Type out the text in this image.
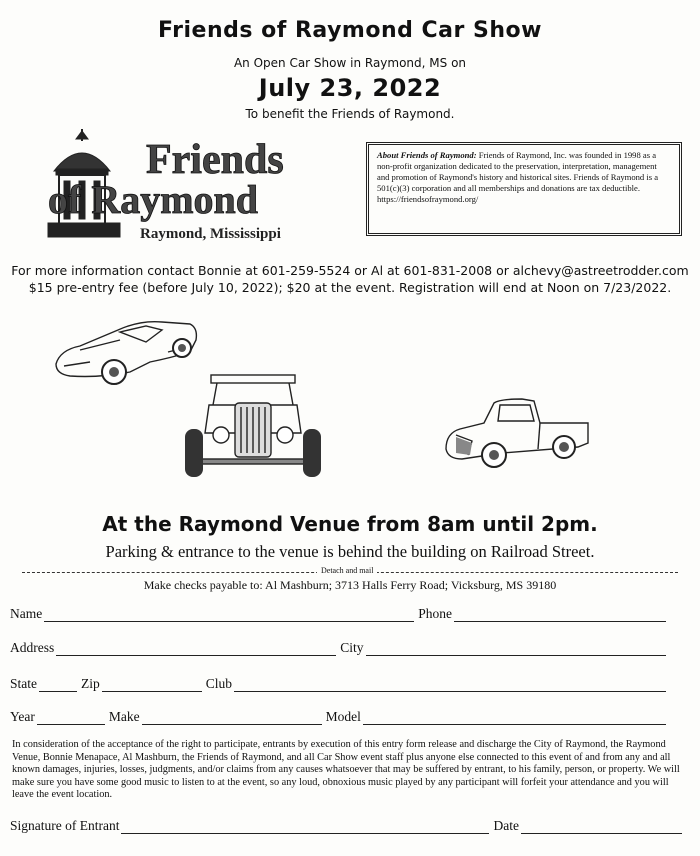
Friends of Raymond Car Show
An Open Car Show in Raymond, MS on
July 23, 2022
To benefit the Friends of Raymond.
Friends
of Raymond
Raymond, Mississippi
About Friends of Raymond: Friends of Raymond, Inc. was founded in 1998 as a non-profit organization dedicated to the preservation, interpretation, management and promotion of Raymond's history and historical sites. Friends of Raymond is a 501(c)(3) corporation and all memberships and donations are tax deductible. https://friendsofraymond.org/
For more information contact Bonnie at 601-259-5524 or Al at 601-831-2008 or alchevy@astreetrodder.com
$15 pre-entry fee (before July 10, 2022); $20 at the event. Registration will end at Noon on 7/23/2022.
At the Raymond Venue from 8am until 2pm.
Parking & entrance to the venue is behind the building on Railroad Street.
Detach and mail
Make checks payable to: Al Mashburn; 3713 Halls Ferry Road; Vicksburg, MS 39180
Name	Phone
Address	City
State	Zip	Club
Year	Make	Model
In consideration of the acceptance of the right to participate, entrants by execution of this entry form release and discharge the City of Raymond, the Raymond Venue, Bonnie Menapace, Al Mashburn, the Friends of Raymond, and all Car Show event staff plus anyone else connected to this event of and from any and all known damages, injuries, losses, judgments, and/or claims from any causes whatsoever that may be suffered by entrant, to his family, person, or property. We will make sure you have some good music to listen to at the event, so any loud, obnoxious music played by any participant will forfeit your attendance and you will leave the event location.
Signature of Entrant	Date
